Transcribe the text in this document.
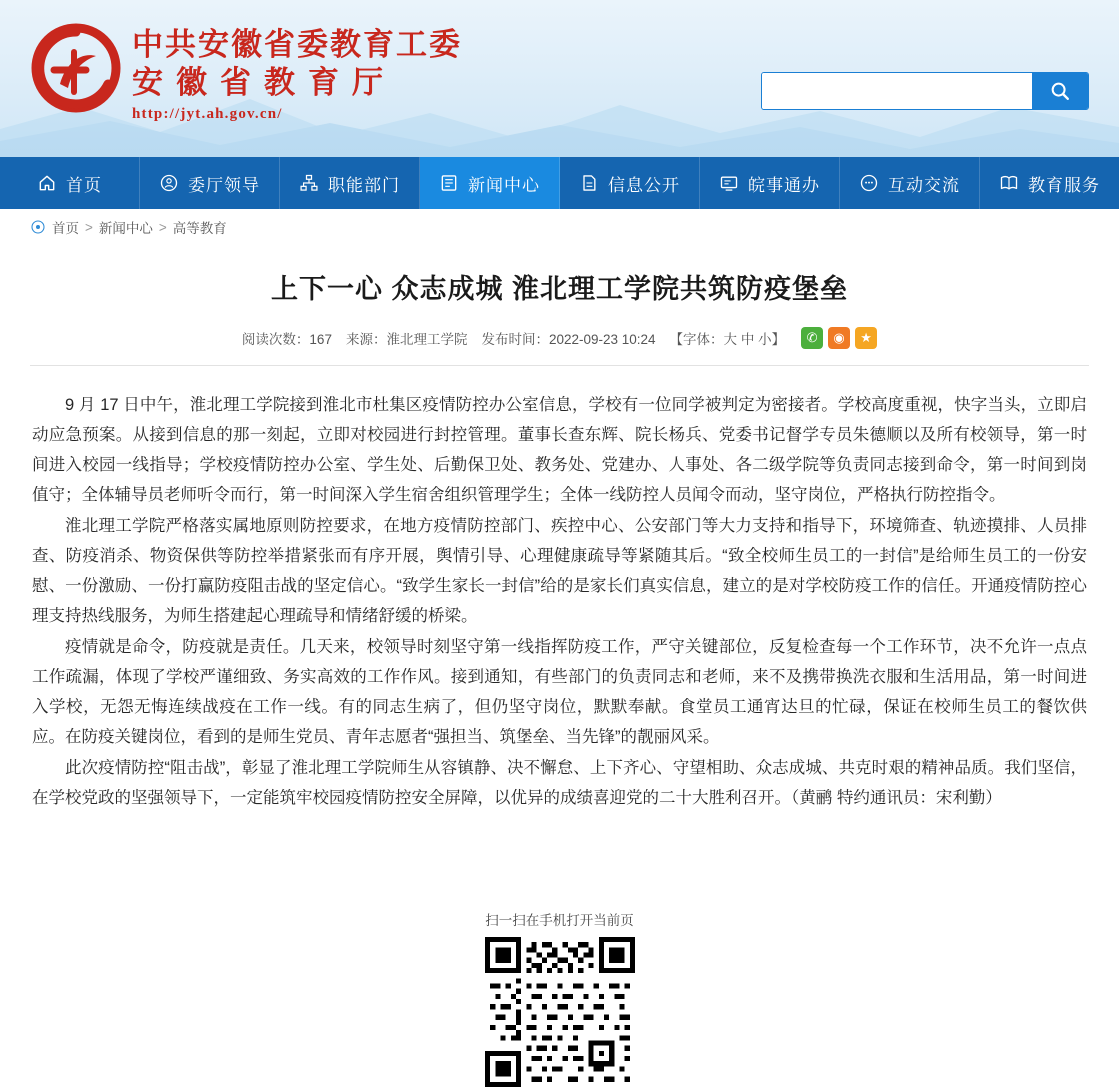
中共安徽省委教育工委
安徽省教育厅
http://jyt.ah.gov.cn/
首页	委厅领导	职能部门	新闻中心	信息公开	皖事通办	互动交流	教育服务
首页 > 新闻中心 > 高等教育
上下一心 众志成城 淮北理工学院共筑防疫堡垒
阅读次数：167 来源：淮北理工学院 发布时间：2022-09-23 10:24 【字体：大 中 小】	✆	◉	★

9 月 17 日中午，淮北理工学院接到淮北市杜集区疫情防控办公室信息，学校有一位同学被判定为密接者。学校高度重视，快字当头，立即启动应急预案。从接到信息的那一刻起，立即对校园进行封控管理。董事长查东辉、院长杨兵、党委书记督学专员朱德顺以及所有校领导，第一时间进入校园一线指导；学校疫情防控办公室、学生处、后勤保卫处、教务处、党建办、人事处、各二级学院等负责同志接到命令，第一时间到岗值守；全体辅导员老师听令而行，第一时间深入学生宿舍组织管理学生；全体一线防控人员闻令而动，坚守岗位，严格执行防控指令。

淮北理工学院严格落实属地原则防控要求，在地方疫情防控部门、疾控中心、公安部门等大力支持和指导下，环境筛查、轨迹摸排、人员排查、防疫消杀、物资保供等防控举措紧张而有序开展，舆情引导、心理健康疏导等紧随其后。“致全校师生员工的一封信”是给师生员工的一份安慰、一份激励、一份打赢防疫阻击战的坚定信心。“致学生家长一封信”给的是家长们真实信息，建立的是对学校防疫工作的信任。开通疫情防控心理支持热线服务，为师生搭建起心理疏导和情绪舒缓的桥梁。

疫情就是命令，防疫就是责任。几天来，校领导时刻坚守第一线指挥防疫工作，严守关键部位，反复检查每一个工作环节，决不允许一点点工作疏漏，体现了学校严谨细致、务实高效的工作作风。接到通知，有些部门的负责同志和老师，来不及携带换洗衣服和生活用品，第一时间进入学校，无怨无悔连续战疫在工作一线。有的同志生病了，但仍坚守岗位，默默奉献。食堂员工通宵达旦的忙碌，保证在校师生员工的餐饮供应。在防疫关键岗位，看到的是师生党员、青年志愿者“强担当、筑堡垒、当先锋”的靓丽风采。

此次疫情防控“阻击战”，彰显了淮北理工学院师生从容镇静、决不懈怠、上下齐心、守望相助、众志成城、共克时艰的精神品质。我们坚信，在学校党政的坚强领导下，一定能筑牢校园疫情防控安全屏障，以优异的成绩喜迎党的二十大胜利召开。（黄鹂 特约通讯员：宋利勤）

扫一扫在手机打开当前页
